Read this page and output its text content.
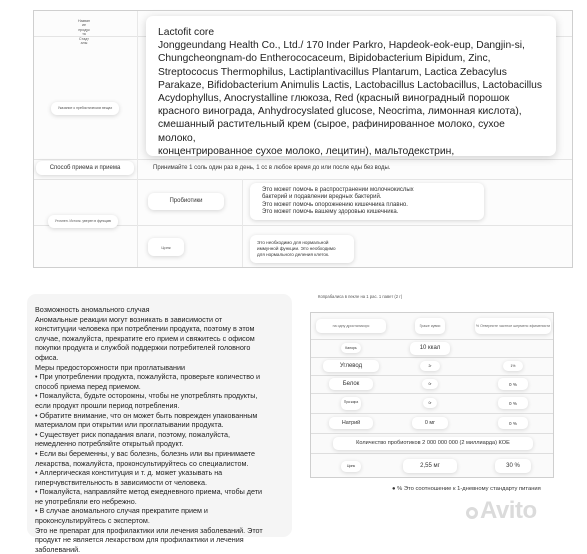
Назван
ие
продук
та
Стадт
алы
Указание о пребиотических вещах
Lactofit core
Jonggeundang Health Co., Ltd./ 170 Inder Parkro, Hapdeok-eok-eup, Dangjin-si,
Chungcheongnam-do Entherococaceum, Bipidobacterium Bipidum, Zinc,
Streptococus Thermophilus, Lactiplantivacillus Plantarum, Lactica Zebacylus
Parakaze, Bifidobacterium Animulis Lactis, Lactobacillus Lactobacillus, Lactobacillus
Acydophyllus, Anocrystalline глюкоза, Red (красный виноградный порошок
красного винограда, Anhydrocyslated glucose, Neocrima, лимонная кислота),
смешанный растительный крем (сырое, рафинированное молоко, сухое молоко,
концентрированное сухое молоко, лецитин), мальтодекстрин,
Способ приема и приема	Принимайте 1 соль один раз в день, 1 сс в любое время до или после еды без воды.
Уточнен. Истолк. уверен в функцию
Пробиотики
Это может помочь в распространении молочнокислых
бактерий и подавлении вредных бактерий.
Это может помочь опорожнению кишечника плавно.
Это может помочь вашему здоровью кишечника.
Цинк
Это необходимо для нормальной
иммунной функции. Это необходимо
для нормального деления клеток.
Возможность аномального случая
Аномальные реакции могут возникать в зависимости от
конституции человека при потреблении продукта, поэтому в этом
случае, пожалуйста, прекратите его прием и свяжитесь с офисом
покупки продукта и службой поддержки потребителей головного
офиса.
Меры предосторожности при проглатывании
• При употреблении продукта, пожалуйста, проверьте количество и
способ приема перед приемом.
• Пожалуйста, будьте осторожны, чтобы не употреблять продукты,
если продукт прошли период потребления.
• Обратите внимание, что он может быть поврежден упакованным
материалом при открытии или проглатывании продукта.
• Существует риск попадания влаги, поэтому, пожалуйста,
немедленно потребляйте открытый продукт.
• Если вы беременны, у вас болезнь, болезнь или вы принимаете
лекарства, пожалуйста, проконсультируйтесь со специалистом.
• Аллергическая конституция и т. д. может указывать на
гиперчувствительность в зависимости от человека.
• Пожалуйста, направляйте метод ежедневного приема, чтобы дети
не употребляли его небрежно.
• В случае аномального случая прекратите прием и
проконсультируйтесь с экспертом.
Это не препарат для профилактики или лечения заболеваний. Этот
продукт не является лекарством для профилактики и лечения
заболеваний.
Копрабалиса в пекле на 1 рас. 1 павет (2 г)
на одну дросталикорс	Граже иувии	% Отверните частное шерменс эфименисти
Калорь	10 ккал
Углевод	2г	1%
Белок	0г	0 %
Пра жира	0г	0 %
Натрий	0 мг	0 %
Количество пробиотиков 2 000 000 000 (2 миллиарда) КОЕ
Цинк	2,55 мг	30 %
● % Это соотношение к 1-дневному стандарту питания
Avito
